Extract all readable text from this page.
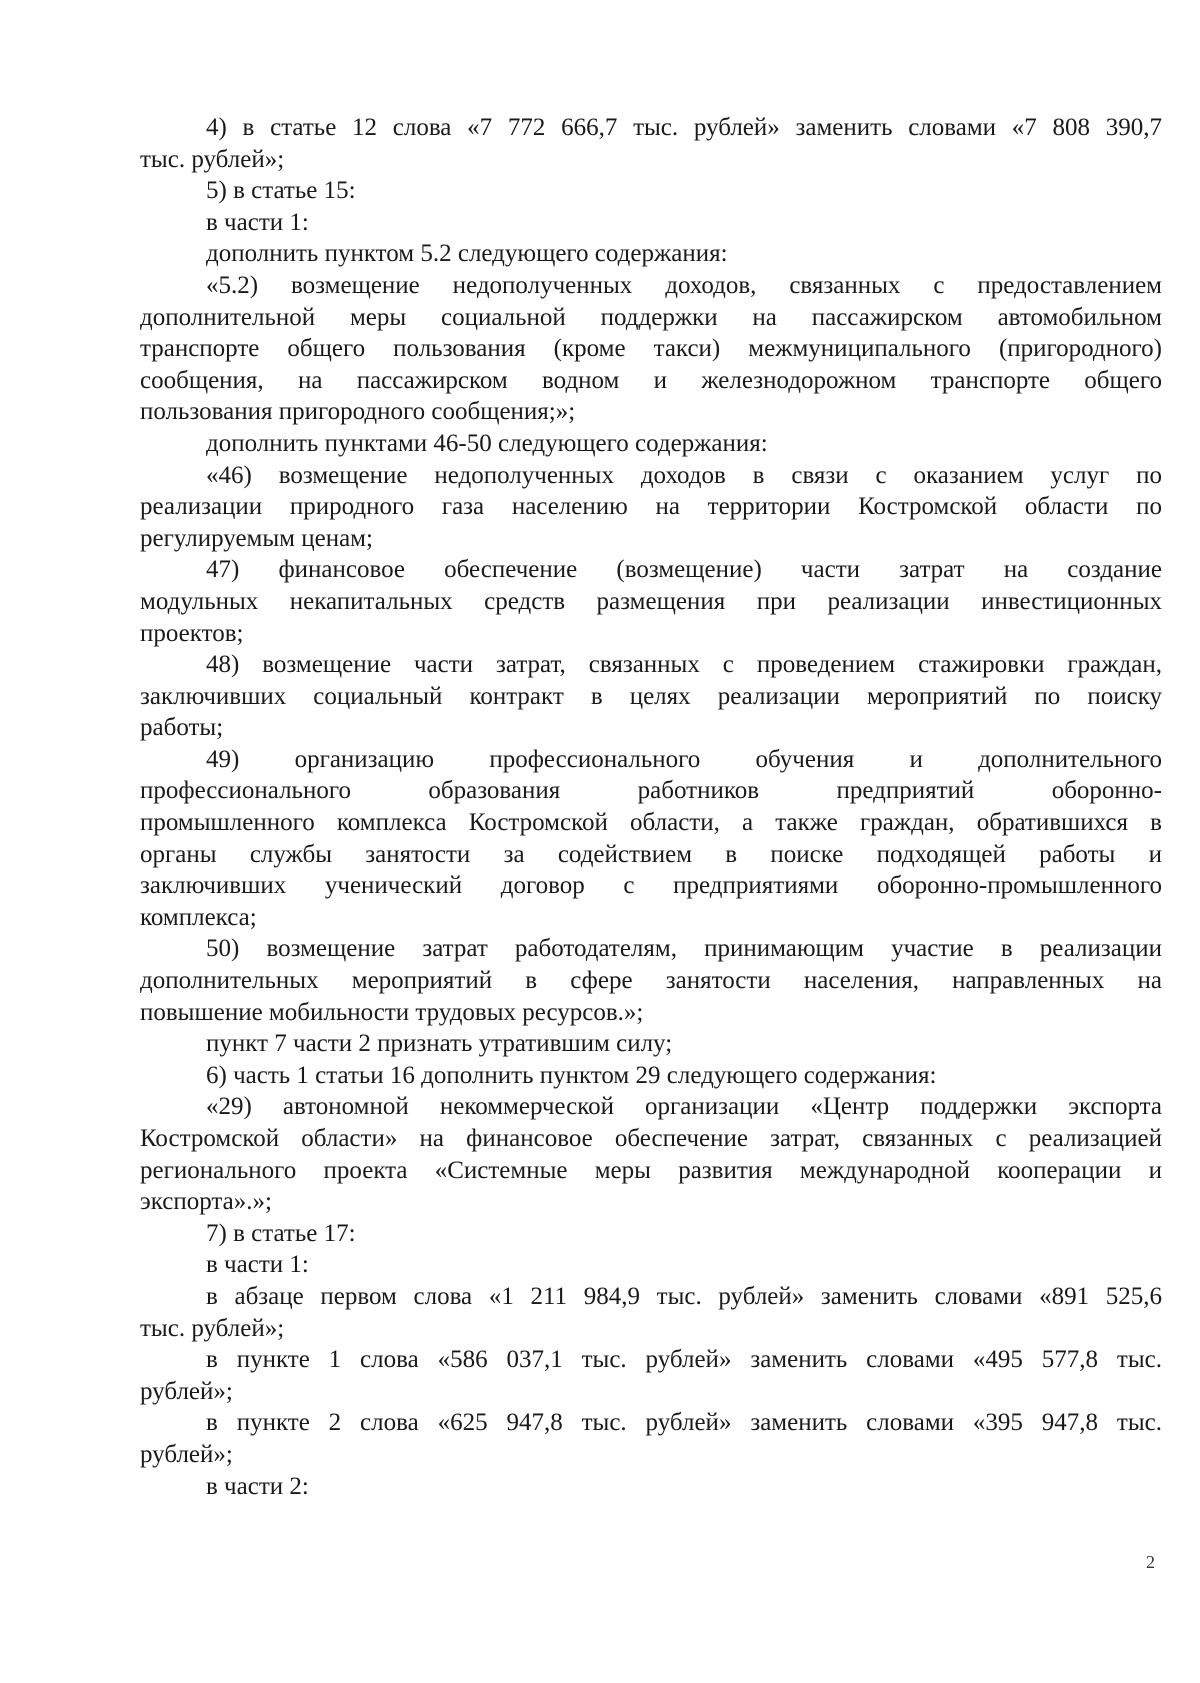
4) в статье 12 слова «7 772 666,7 тыс. рублей» заменить словами «7 808 390,7
тыс. рублей»;
5) в статье 15:
в части 1:
дополнить пунктом 5.2 следующего содержания:
«5.2) возмещение недополученных доходов, связанных с предоставлением
дополнительной меры социальной поддержки на пассажирском автомобильном
транспорте общего пользования (кроме такси) межмуниципального (пригородного)
сообщения, на пассажирском водном и железнодорожном транспорте общего
пользования пригородного сообщения;»;
дополнить пунктами 46-50 следующего содержания:
«46) возмещение недополученных доходов в связи с оказанием услуг по
реализации природного газа населению на территории Костромской области по
регулируемым ценам;
47) финансовое обеспечение (возмещение) части затрат на создание
модульных некапитальных средств размещения при реализации инвестиционных
проектов;
48) возмещение части затрат, связанных с проведением стажировки граждан,
заключивших социальный контракт в целях реализации мероприятий по поиску
работы;
49) организацию профессионального обучения и дополнительного
профессионального образования работников предприятий оборонно-
промышленного комплекса Костромской области, а также граждан, обратившихся в
органы службы занятости за содействием в поиске подходящей работы и
заключивших ученический договор с предприятиями оборонно-промышленного
комплекса;
50) возмещение затрат работодателям, принимающим участие в реализации
дополнительных мероприятий в сфере занятости населения, направленных на
повышение мобильности трудовых ресурсов.»;
пункт 7 части 2 признать утратившим силу;
6) часть 1 статьи 16 дополнить пунктом 29 следующего содержания:
«29) автономной некоммерческой организации «Центр поддержки экспорта
Костромской области» на финансовое обеспечение затрат, связанных с реализацией
регионального проекта «Системные меры развития международной кооперации и
экспорта».»;
7) в статье 17:
в части 1:
в абзаце первом слова «1 211 984,9 тыс. рублей» заменить словами «891 525,6
тыс. рублей»;
в пункте 1 слова «586 037,1 тыс. рублей» заменить словами «495 577,8 тыс.
рублей»;
в пункте 2 слова «625 947,8 тыс. рублей» заменить словами «395 947,8 тыс.
рублей»;
в части 2:
2
